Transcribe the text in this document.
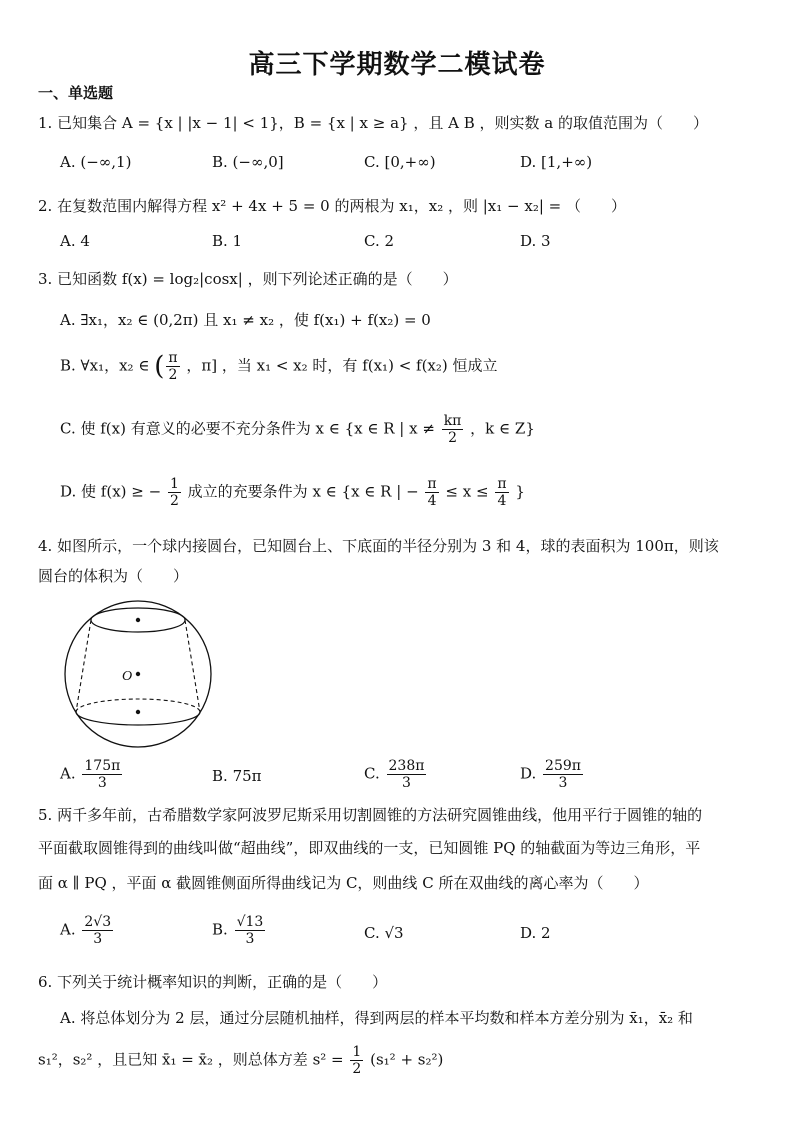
高三下学期数学二模试卷
一、单选题
1. 已知集合 A = {x | |x − 1| < 1}，B = {x | x ≥ a} ，且 A B ，则实数 a 的取值范围为（　　）
A. (−∞,1)	B. (−∞,0]	C. [0,+∞)	D. [1,+∞)
2. 在复数范围内解得方程 x² + 4x + 5 = 0 的两根为 x₁，x₂ ，则 |x₁ − x₂| = （　　）
A. 4	B. 1	C. 2	D. 3
3. 已知函数 f(x) = log₂|cosx| ，则下列论述正确的是（　　）
A. ∃x₁，x₂ ∈ (0,2π) 且 x₁ ≠ x₂ ，使 f(x₁) + f(x₂) = 0
B. ∀x₁，x₂ ∈ ( $\frac{\pi}{2}$ ，π] ，当 x₁ < x₂ 时，有 f(x₁) < f(x₂) 恒成立
C. 使 f(x) 有意义的必要不充分条件为 x ∈ {x ∈ R | $x \ne \frac{k\pi}{2}$ ，k ∈ Z}
D. 使 f(x) ≥ − $\frac{1}{2}$ 成立的充要条件为 x ∈ {x ∈ R | − $\frac{\pi}{4} \le x \le \frac{\pi}{4}$ }
4. 如图所示，一个球内接圆台，已知圆台上、下底面的半径分别为 3 和 4，球的表面积为 100π，则该
圆台的体积为（　　）
O
A. $\frac{175\pi}{3}$	B. 75π	C. $\frac{238\pi}{3}$	D. $\frac{259\pi}{3}$
5. 两千多年前，古希腊数学家阿波罗尼斯采用切割圆锥的方法研究圆锥曲线，他用平行于圆锥的轴的
平面截取圆锥得到的曲线叫做“超曲线”，即双曲线的一支，已知圆锥 PQ 的轴截面为等边三角形，平
面 α ∥ PQ ，平面 α 截圆锥侧面所得曲线记为 C，则曲线 C 所在双曲线的离心率为（　　）
A. $\frac{2√3}{3}$	B. $\frac{√13}{3}$	C. √3	D. 2
6. 下列关于统计概率知识的判断，正确的是（　　）
A. 将总体划分为 2 层，通过分层随机抽样，得到两层的样本平均数和样本方差分别为 x̄₁，x̄₂ 和
s₁²，s₂² ，且已知 x̄₁ = x̄₂ ，则总体方差 $s^2 = \frac{1}{2} (s_1^2 + s_2^2)$
